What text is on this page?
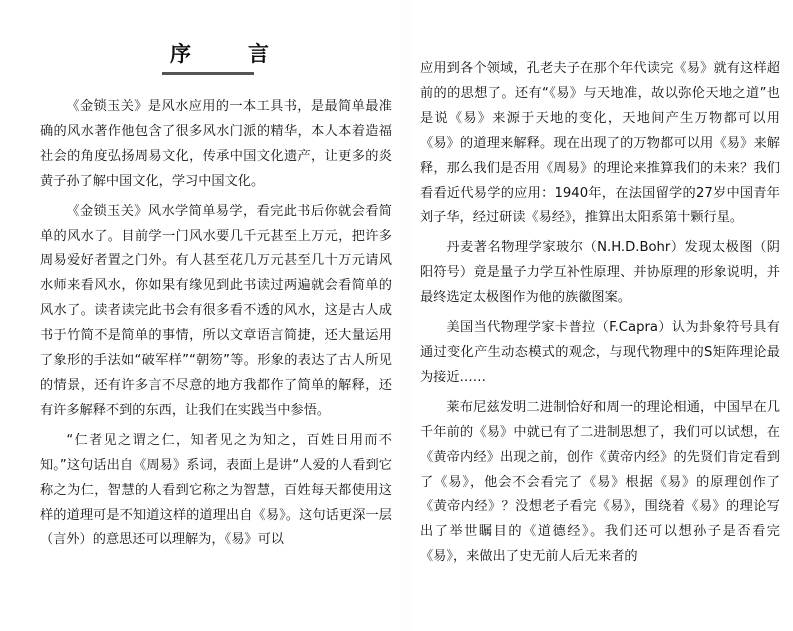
序　言

《金锁玉关》是风水应用的一本工具书，是最简单最准确的风水著作他包含了很多风水门派的精华，本人本着造福社会的角度弘扬周易文化，传承中国文化遗产，让更多的炎黄子孙了解中国文化，学习中国文化。

《金锁玉关》风水学简单易学，看完此书后你就会看简单的风水了。目前学一门风水要几千元甚至上万元，把许多周易爱好者置之门外。有人甚至花几万元甚至几十万元请风水师来看风水，你如果有缘见到此书读过两遍就会看简单的风水了。读者读完此书会有很多看不透的风水，这是古人成书于竹简不是简单的事情，所以文章语言简捷，还大量运用了象形的手法如“破军样”“朝笏”等。形象的表达了古人所见的情景，还有许多言不尽意的地方我都作了简单的解释，还有许多解释不到的东西，让我们在实践当中参悟。

“仁者见之谓之仁，知者见之为知之，百姓日用而不知。”这句话出自《周易》系词，表面上是讲“人爱的人看到它称之为仁，智慧的人看到它称之为智慧，百姓每天都使用这样的道理可是不知道这样的道理出自《易》。这句话更深一层（言外）的意思还可以理解为，《易》可以

应用到各个领域，孔老夫子在那个年代读完《易》就有这样超前的的思想了。还有“《易》与天地准，故以弥伦天地之道”也是说《易》来源于天地的变化，天地间产生万物都可以用《易》的道理来解释。现在出现了的万物都可以用《易》来解释，那么我们是否用《周易》的理论来推算我们的未来？我们看看近代易学的应用：1940年，在法国留学的27岁中国青年刘子华，经过研读《易经》，推算出太阳系第十颗行星。

丹麦著名物理学家玻尔（N.H.D.Bohr）发现太极图（阴阳符号）竟是量子力学互补性原理、并协原理的形象说明，并最终选定太极图作为他的族徽图案。

美国当代物理学家卡普拉（F.Capra）认为卦象符号具有通过变化产生动态模式的观念，与现代物理中的S矩阵理论最为接近……

莱布尼兹发明二进制恰好和周一的理论相通，中国早在几千年前的《易》中就已有了二进制思想了，我们可以试想，在《黄帝内经》出现之前，创作《黄帝内经》的先贤们肯定看到了《易》，他会不会看完了《易》根据《易》的原理创作了《黄帝内经》？没想老子看完《易》，围绕着《易》的理论写出了举世瞩目的《道德经》。我们还可以想孙子是否看完《易》，来做出了史无前人后无来者的
